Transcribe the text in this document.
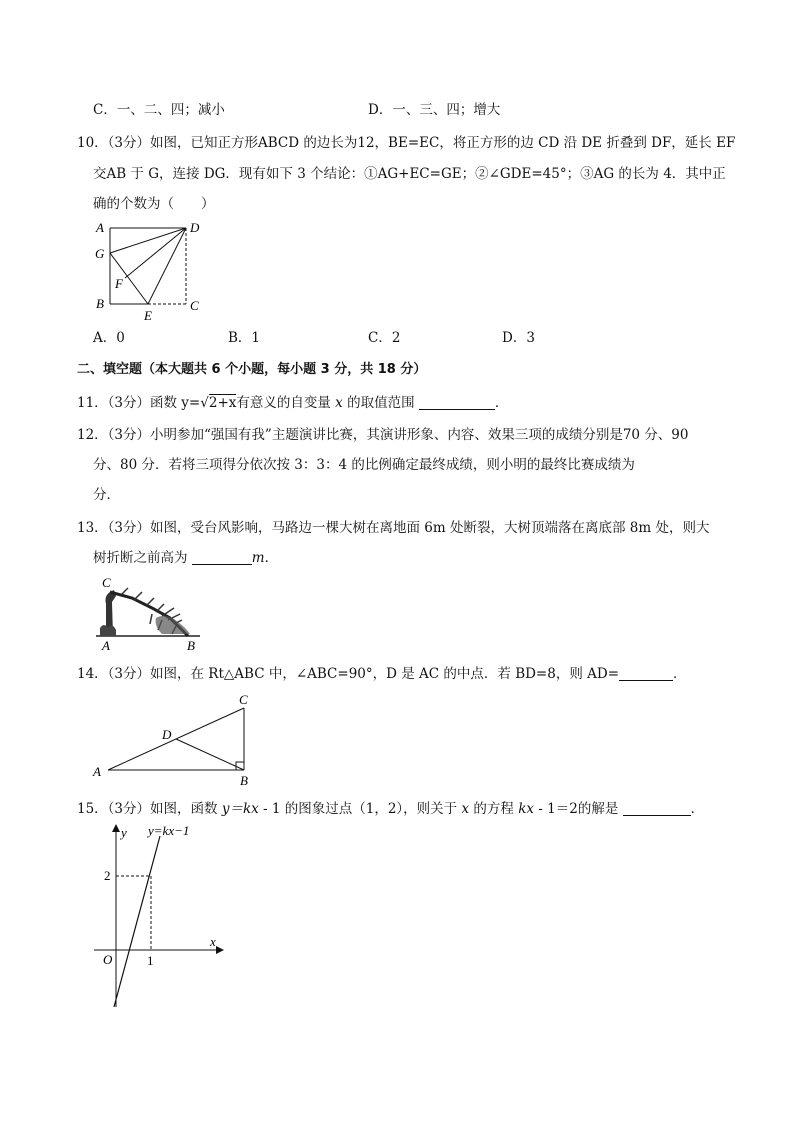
C．一、二、四；减小	D．一、三、四；增大
10．（3分）如图，已知正方形ABCD 的边长为12，BE=EC，将正方形的边 CD 沿 DE 折叠到 DF，延长 EF
交AB 于 G，连接 DG．现有如下 3 个结论：①AG+EC=GE；②∠GDE=45°；③AG 的长为 4．其中正
确的个数为（　　）
A	D
G
F
B
E
C
A．0	B．1	C．2	D．3
二、填空题（本大题共 6 个小题，每小题 3 分，共 18 分）
11．（3分）函数 y=√2+x有意义的自变量 x 的取值范围	．
12．（3分）小明参加“强国有我”主题演讲比赛，其演讲形象、内容、效果三项的成绩分别是70 分、90
分、80 分．若将三项得分依次按 3：3：4 的比例确定最终成绩，则小明的最终比赛成绩为
分．
13．（3分）如图，受台风影响，马路边一棵大树在离地面 6m 处断裂，大树顶端落在离底部 8m 处，则大
树折断之前高为	m．
C
A	B
14．（3分）如图，在 Rt△ABC 中，∠ABC=90°，D 是 AC 的中点．若 BD=8，则 AD=	．
A
B
C
D
15．（3分）如图，函数 y＝kx - 1 的图象过点（1，2），则关于 x 的方程 kx - 1＝2的解是	．
y y=kx−1
x
O
2
1
